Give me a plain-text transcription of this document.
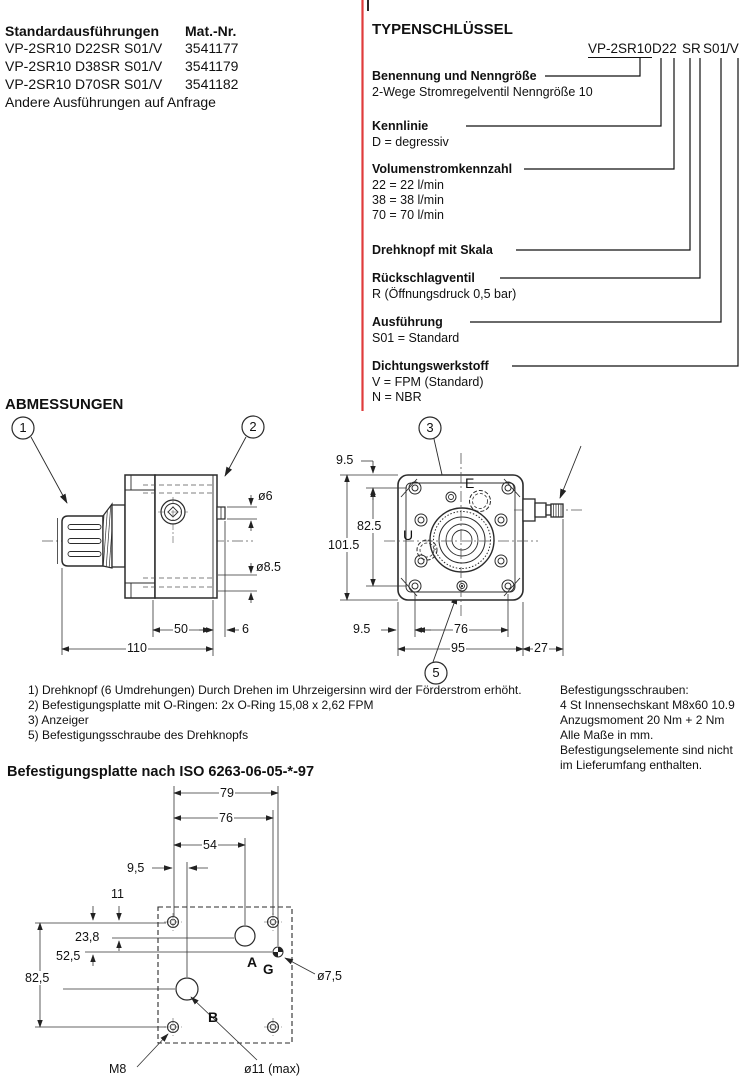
Standardausführungen Mat.-Nr.
VP-2SR10 D22SR S01/V 3541177
VP-2SR10 D38SR S01/V 3541179
VP-2SR10 D70SR S01/V 3541182
Andere Ausführungen auf Anfrage
TYPENSCHLÜSSEL
VP-2SR10 D22 SR S01
/V
Benennung und Nenngröße
2-Wege Stromregelventil Nenngröße 10
Kennlinie
D = degressiv
Volumenstromkennzahl
22 = 22 l/min
38 = 38 l/min
70 = 70 l/min
Drehknopf mit Skala
Rückschlagventil
R (Öffnungsdruck 0,5 bar)
Ausführung
S01 = Standard
Dichtungswerkstoff
V = FPM (Standard)
N = NBR
ABMESSUNGEN
1	2	3
5
ø6
ø8.5
50	6
110
9.5
82.5
101.5
9.5	76
95	27
E
U
1) Drehknopf (6 Umdrehungen) Durch Drehen im Uhrzeigersinn wird der Förderstrom erhöht.
2) Befestigungsplatte mit O-Ringen: 2x O-Ring 15,08 x 2,62 FPM
3) Anzeiger
5) Befestigungsschraube des Drehknopfs
Befestigungsschrauben:
4 St Innensechskant M8x60 10.9
Anzugsmoment 20 Nm + 2 Nm
Alle Maße in mm.
Befestigungselemente sind nicht
im Lieferumfang enthalten.
Befestigungsplatte nach ISO 6263-06-05-*-97
79
76
54
9,5
11
23,8
52,5
82,5
A G
B
ø7,5
M8	ø11 (max)
